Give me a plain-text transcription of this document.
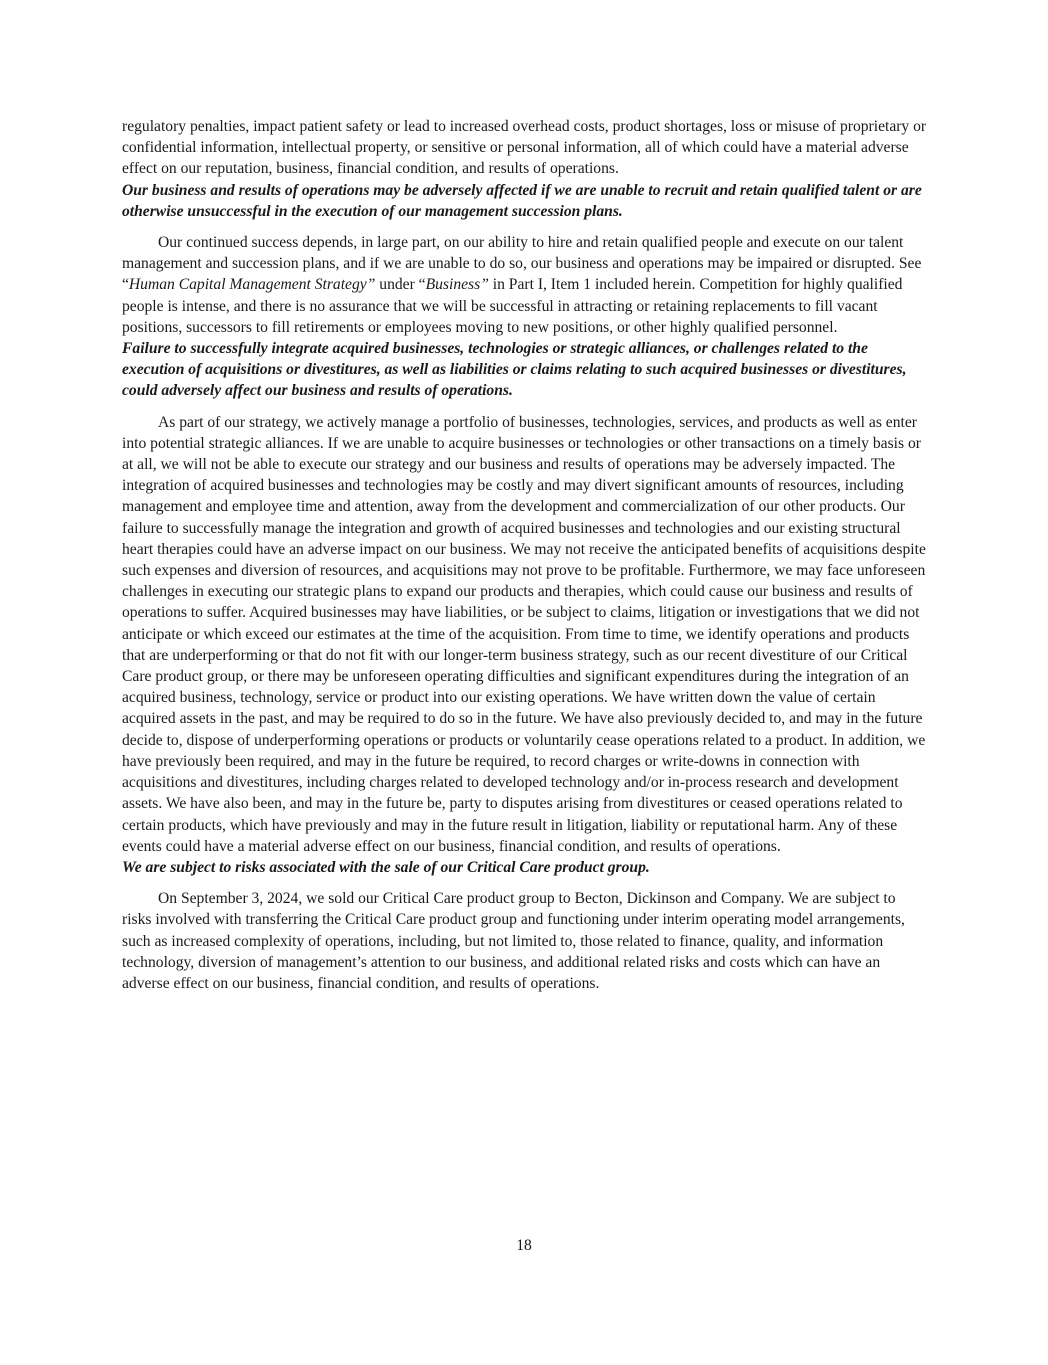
regulatory penalties, impact patient safety or lead to increased overhead costs, product shortages, loss or misuse of proprietary or confidential information, intellectual property, or sensitive or personal information, all of which could have a material adverse effect on our reputation, business, financial condition, and results of operations.

Our business and results of operations may be adversely affected if we are unable to recruit and retain qualified talent or are otherwise unsuccessful in the execution of our management succession plans.

Our continued success depends, in large part, on our ability to hire and retain qualified people and execute on our talent management and succession plans, and if we are unable to do so, our business and operations may be impaired or disrupted. See “Human Capital Management Strategy” under “Business” in Part I, Item 1 included herein. Competition for highly qualified people is intense, and there is no assurance that we will be successful in attracting or retaining replacements to fill vacant positions, successors to fill retirements or employees moving to new positions, or other highly qualified personnel.

Failure to successfully integrate acquired businesses, technologies or strategic alliances, or challenges related to the execution of acquisitions or divestitures, as well as liabilities or claims relating to such acquired businesses or divestitures, could adversely affect our business and results of operations.

As part of our strategy, we actively manage a portfolio of businesses, technologies, services, and products as well as enter into potential strategic alliances. If we are unable to acquire businesses or technologies or other transactions on a timely basis or at all, we will not be able to execute our strategy and our business and results of operations may be adversely impacted. The integration of acquired businesses and technologies may be costly and may divert significant amounts of resources, including management and employee time and attention, away from the development and commercialization of our other products. Our failure to successfully manage the integration and growth of acquired businesses and technologies and our existing structural heart therapies could have an adverse impact on our business. We may not receive the anticipated benefits of acquisitions despite such expenses and diversion of resources, and acquisitions may not prove to be profitable. Furthermore, we may face unforeseen challenges in executing our strategic plans to expand our products and therapies, which could cause our business and results of operations to suffer. Acquired businesses may have liabilities, or be subject to claims, litigation or investigations that we did not anticipate or which exceed our estimates at the time of the acquisition. From time to time, we identify operations and products that are underperforming or that do not fit with our longer-term business strategy, such as our recent divestiture of our Critical Care product group, or there may be unforeseen operating difficulties and significant expenditures during the integration of an acquired business, technology, service or product into our existing operations. We have written down the value of certain acquired assets in the past, and may be required to do so in the future. We have also previously decided to, and may in the future decide to, dispose of underperforming operations or products or voluntarily cease operations related to a product. In addition, we have previously been required, and may in the future be required, to record charges or write-downs in connection with acquisitions and divestitures, including charges related to developed technology and/or in-process research and development assets. We have also been, and may in the future be, party to disputes arising from divestitures or ceased operations related to certain products, which have previously and may in the future result in litigation, liability or reputational harm. Any of these events could have a material adverse effect on our business, financial condition, and results of operations.

We are subject to risks associated with the sale of our Critical Care product group.

On September 3, 2024, we sold our Critical Care product group to Becton, Dickinson and Company. We are subject to risks involved with transferring the Critical Care product group and functioning under interim operating model arrangements, such as increased complexity of operations, including, but not limited to, those related to finance, quality, and information technology, diversion of management’s attention to our business, and additional related risks and costs which can have an adverse effect on our business, financial condition, and results of operations.

18
